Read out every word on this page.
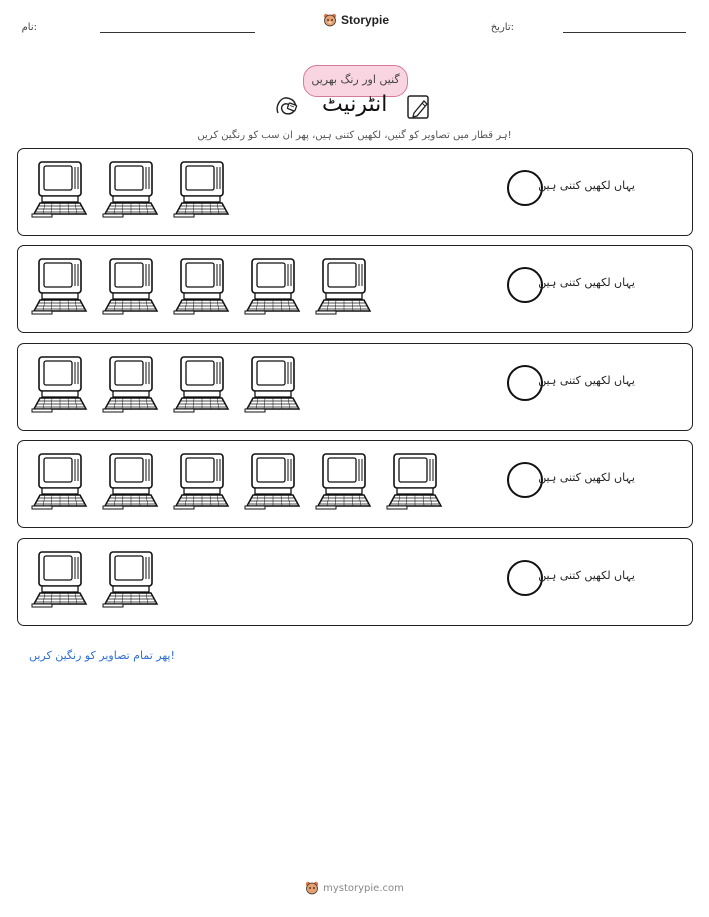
نام:
Storypie
تاریخ:
گنیں اور رنگ بھریں
انٹرنیٹ
ہر قطار میں تصاویر کو گنیں، لکھیں کتنی ہیں، پھر ان سب کو رنگین کریں!
یہاں لکھیں کتنی ہیں
یہاں لکھیں کتنی ہیں
یہاں لکھیں کتنی ہیں
یہاں لکھیں کتنی ہیں
یہاں لکھیں کتنی ہیں
پھر تمام تصاویر کو رنگین کریں!
mystorypie.com
